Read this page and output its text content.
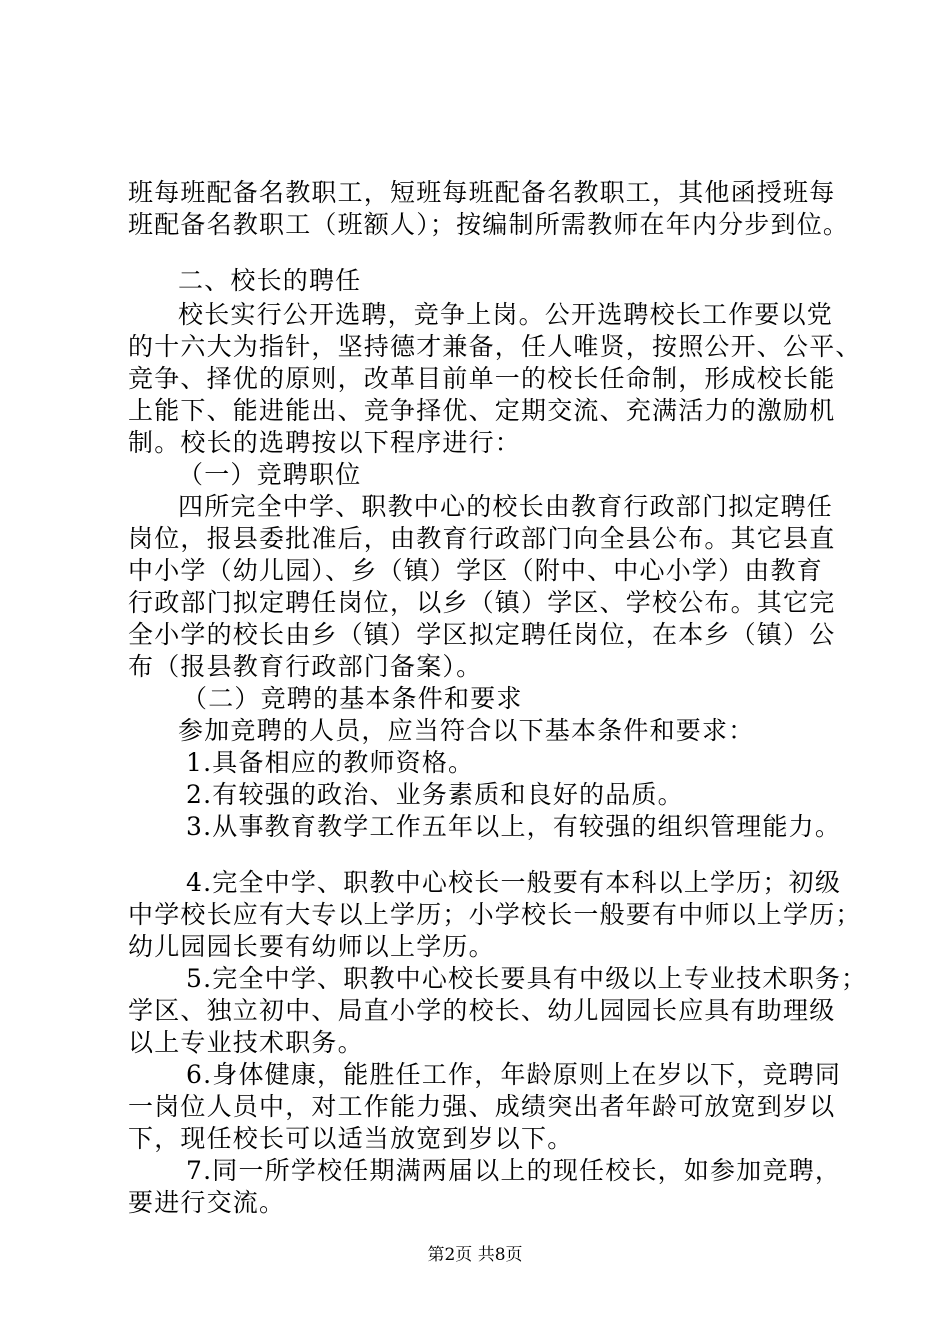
班每班配备名教职工，短班每班配备名教职工，其他函授班每
班配备名教职工（班额人）；按编制所需教师在年内分步到位。
二、校长的聘任
校长实行公开选聘，竞争上岗。公开选聘校长工作要以党
的十六大为指针，坚持德才兼备，任人唯贤，按照公开、公平、
竞争、择优的原则，改革目前单一的校长任命制，形成校长能
上能下、能进能出、竞争择优、定期交流、充满活力的激励机
制。校长的选聘按以下程序进行：
（一）竞聘职位
四所完全中学、职教中心的校长由教育行政部门拟定聘任
岗位，报县委批准后，由教育行政部门向全县公布。其它县直
中小学（幼儿园）、乡（镇）学区（附中、中心小学）由教育
行政部门拟定聘任岗位，以乡（镇）学区、学校公布。其它完
全小学的校长由乡（镇）学区拟定聘任岗位，在本乡（镇）公
布（报县教育行政部门备案）。
（二）竞聘的基本条件和要求
参加竞聘的人员，应当符合以下基本条件和要求：
1.具备相应的教师资格。
2.有较强的政治、业务素质和良好的品质。
3.从事教育教学工作五年以上，有较强的组织管理能力。
4.完全中学、职教中心校长一般要有本科以上学历；初级
中学校长应有大专以上学历；小学校长一般要有中师以上学历；
幼儿园园长要有幼师以上学历。
5.完全中学、职教中心校长要具有中级以上专业技术职务；
学区、独立初中、局直小学的校长、幼儿园园长应具有助理级
以上专业技术职务。
6.身体健康，能胜任工作，年龄原则上在岁以下，竞聘同
一岗位人员中，对工作能力强、成绩突出者年龄可放宽到岁以
下，现任校长可以适当放宽到岁以下。
7.同一所学校任期满两届以上的现任校长，如参加竞聘，
要进行交流。
第2页 共8页
